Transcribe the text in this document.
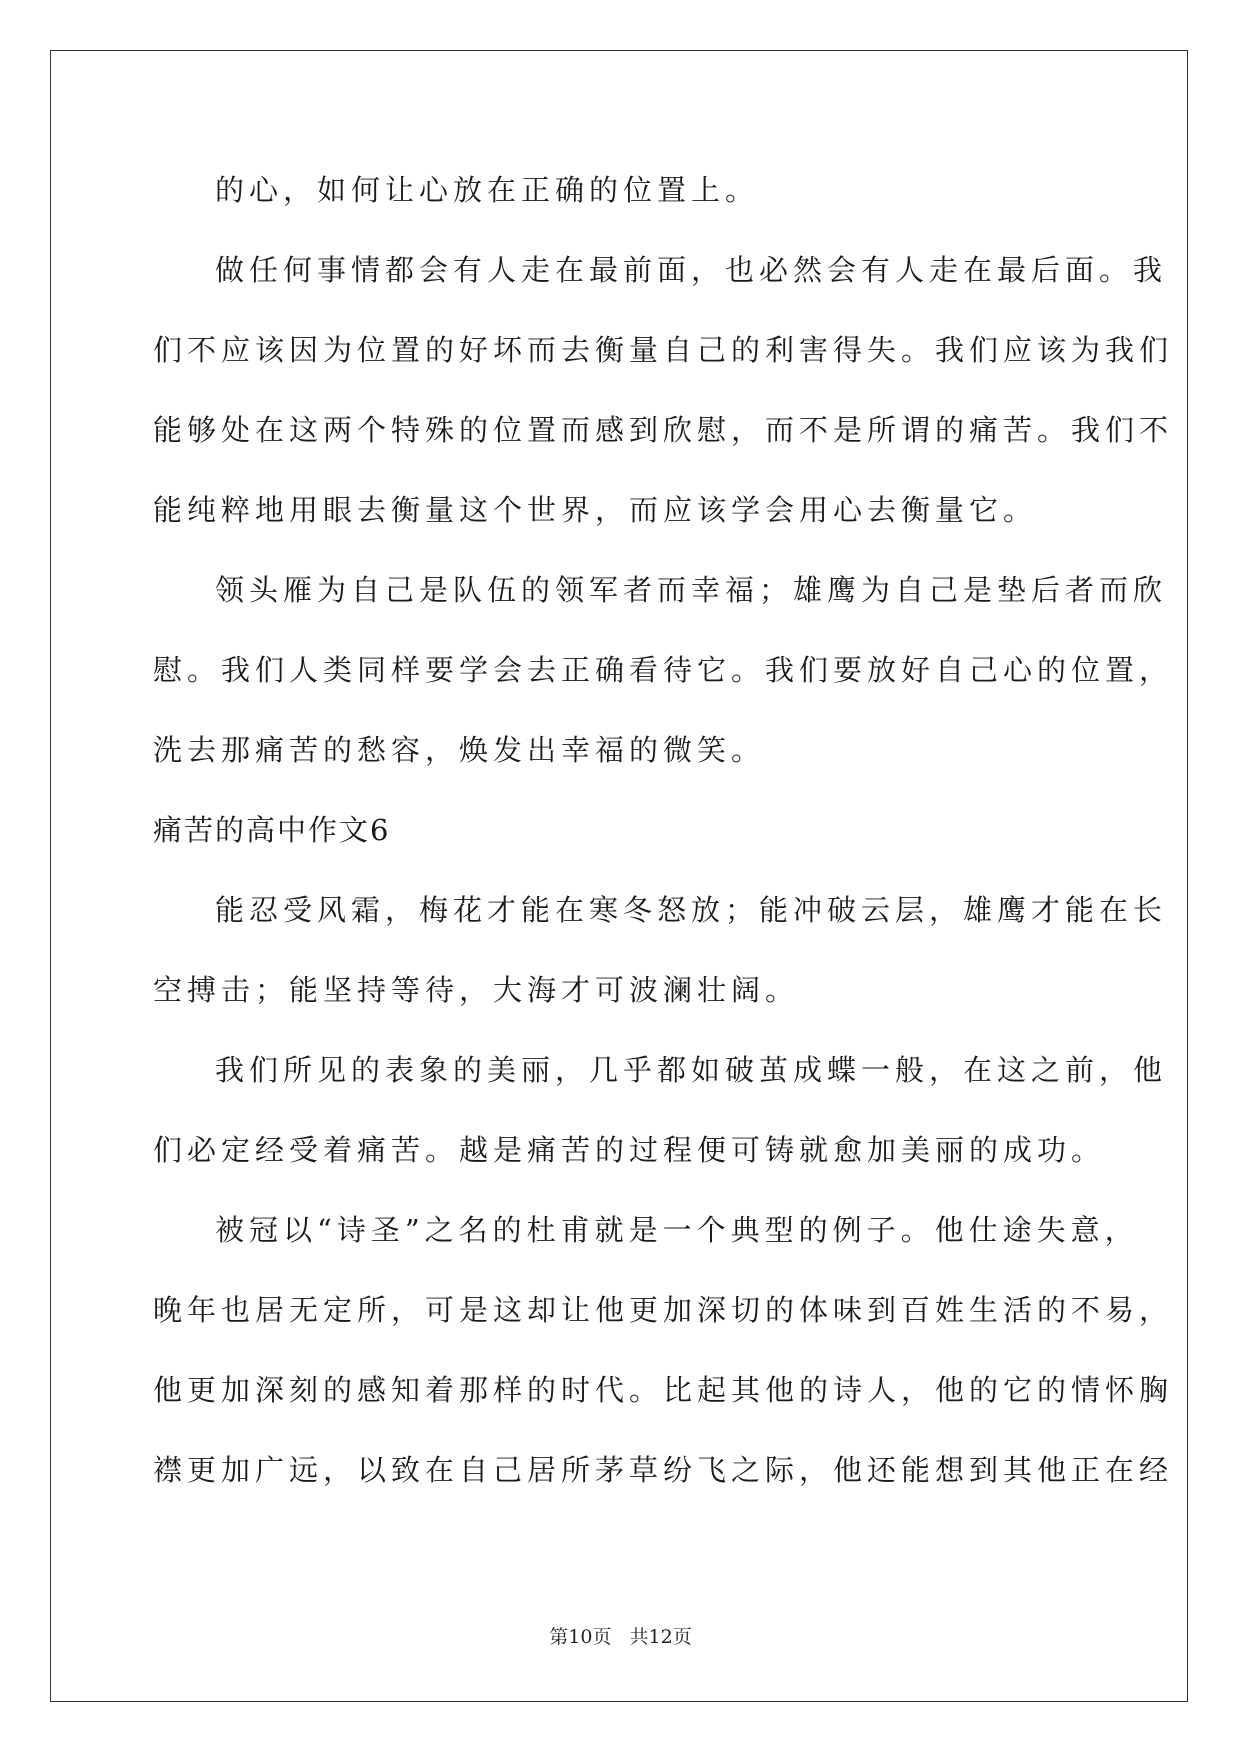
的心，如何让心放在正确的位置上。

做任何事情都会有人走在最前面，也必然会有人走在最后面。我

们不应该因为位置的好坏而去衡量自己的利害得失。我们应该为我们

能够处在这两个特殊的位置而感到欣慰，而不是所谓的痛苦。我们不

能纯粹地用眼去衡量这个世界，而应该学会用心去衡量它。

领头雁为自己是队伍的领军者而幸福；雄鹰为自己是垫后者而欣

慰。我们人类同样要学会去正确看待它。我们要放好自己心的位置，

洗去那痛苦的愁容，焕发出幸福的微笑。

痛苦的高中作文6

能忍受风霜，梅花才能在寒冬怒放；能冲破云层，雄鹰才能在长

空搏击；能坚持等待，大海才可波澜壮阔。

我们所见的表象的美丽，几乎都如破茧成蝶一般，在这之前，他

们必定经受着痛苦。越是痛苦的过程便可铸就愈加美丽的成功。

被冠以“诗圣”之名的杜甫就是一个典型的例子。他仕途失意，

晚年也居无定所，可是这却让他更加深切的体味到百姓生活的不易，

他更加深刻的感知着那样的时代。比起其他的诗人，他的它的情怀胸

襟更加广远，以致在自己居所茅草纷飞之际，他还能想到其他正在经

第10页 共12页
